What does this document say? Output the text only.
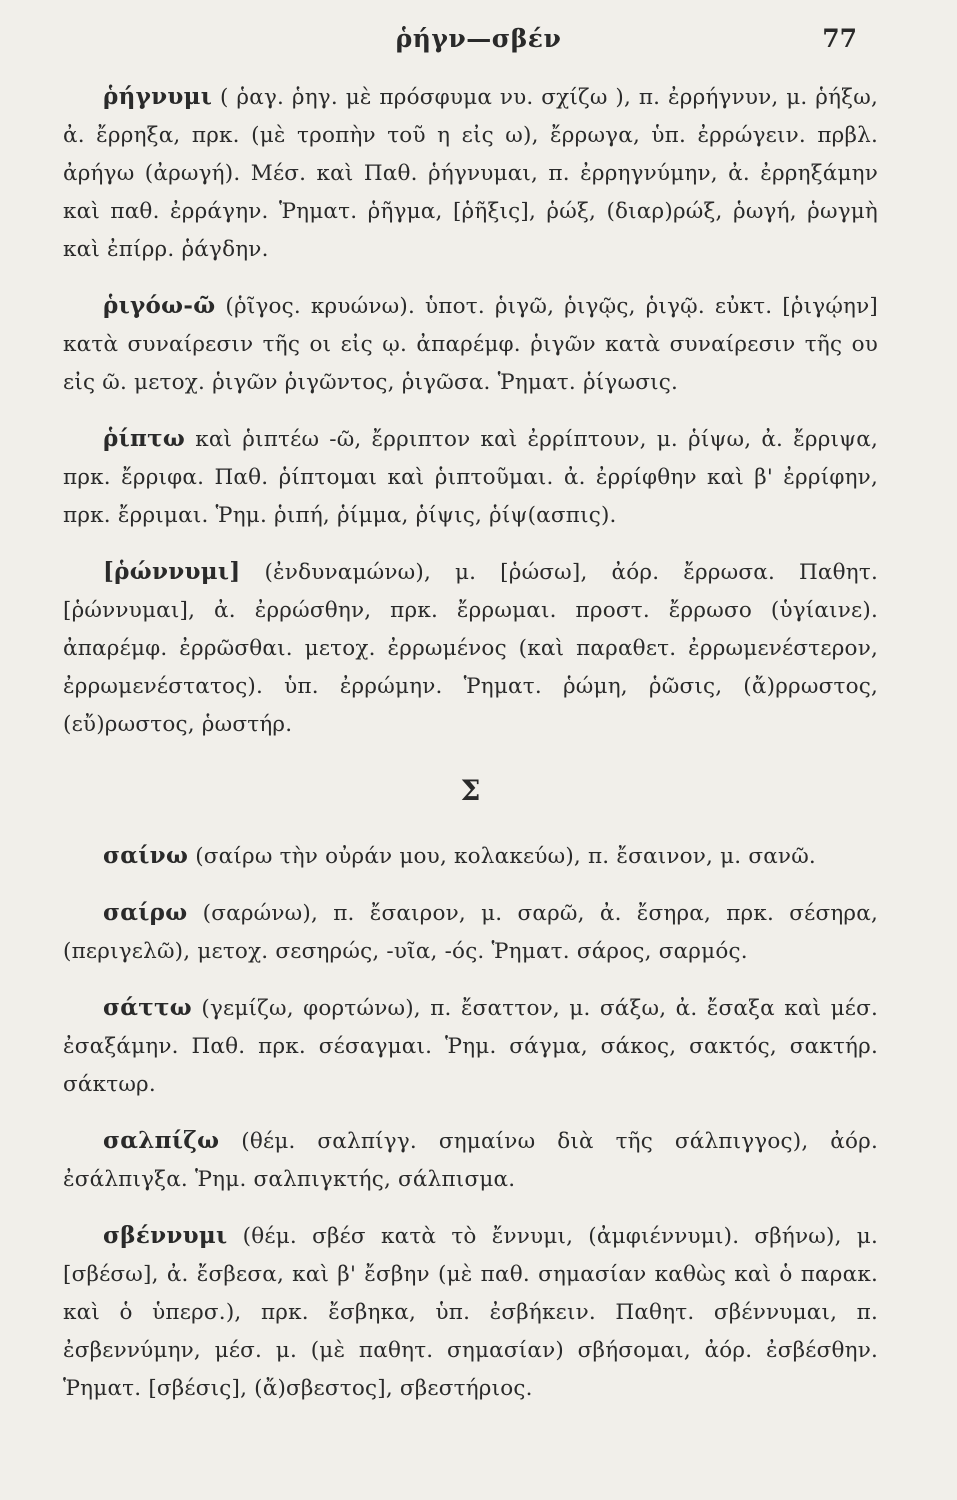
ῥήγν—σβέν	77

ῥήγνυμι ( ῥαγ. ῥηγ. μὲ πρόσφυμα νυ. σχίζω ), π. ἐρρήγνυν, μ. ῥήξω, ἀ. ἔρρηξα, πρκ. (μὲ τροπὴν τοῦ η εἰς ω), ἔρρωγα, ὑπ. ἐρρώγειν. πρβλ. ἀρήγω (ἀρωγή). Μέσ. καὶ Παθ. ῥήγνυμαι, π. ἐρρηγνύμην, ἀ. ἐρρηξάμην καὶ παθ. ἐρράγην. Ῥηματ. ῥῆγμα, [ῥῆξις], ῥώξ, (διαρ)ρώξ, ῥωγή, ῥωγμὴ καὶ ἐπίρρ. ῥάγδην.

ῥιγόω-ῶ (ῥῖγος. κρυώνω). ὑποτ. ῥιγῶ, ῥιγῷς, ῥιγῷ. εὐκτ. [ῥιγῴην] κατὰ συναίρεσιν τῆς οι εἰς ῳ. ἀπαρέμφ. ῥιγῶν κατὰ συναίρεσιν τῆς ου εἰς ῶ. μετοχ. ῥιγῶν ῥιγῶντος, ῥιγῶσα. Ῥηματ. ῥίγωσις.

ῥίπτω καὶ ῥιπτέω -ῶ, ἔρριπτον καὶ ἐρρίπτουν, μ. ῥίψω, ἀ. ἔρριψα, πρκ. ἔρριφα. Παθ. ῥίπτομαι καὶ ῥιπτοῦμαι. ἀ. ἐρρίφθην καὶ β' ἐρρίφην, πρκ. ἔρριμαι. Ῥημ. ῥιπή, ῥίμμα, ῥίψις, ῥίψ(ασπις).

[ῥώννυμι] (ἐνδυναμώνω), μ. [ῥώσω], ἀόρ. ἔρρωσα. Παθητ. [ῥώννυμαι], ἀ. ἐρρώσθην, πρκ. ἔρρωμαι. προστ. ἔρρωσο (ὑγίαινε). ἀπαρέμφ. ἐρρῶσθαι. μετοχ. ἐρρωμένος (καὶ παραθετ. ἐρρωμενέστερον, ἐρρωμενέστατος). ὑπ. ἐρρώμην. Ῥηματ. ῥώμη, ῥῶσις, (ἄ)ρρωστος, (εὔ)ρωστος, ῥωστήρ.

Σ

σαίνω (σαίρω τὴν οὐράν μου, κολακεύω), π. ἔσαινον, μ. σανῶ.

σαίρω (σαρώνω), π. ἔσαιρον, μ. σαρῶ, ἀ. ἔσηρα, πρκ. σέσηρα, (περιγελῶ), μετοχ. σεσηρώς, -υῖα, -ός. Ῥηματ. σάρος, σαρμός.

σάττω (γεμίζω, φορτώνω), π. ἔσαττον, μ. σάξω, ἀ. ἔσαξα καὶ μέσ. ἐσαξάμην. Παθ. πρκ. σέσαγμαι. Ῥημ. σάγμα, σάκος, σακτός, σακτήρ. σάκτωρ.

σαλπίζω (θέμ. σαλπίγγ. σημαίνω διὰ τῆς σάλπιγγος), ἀόρ. ἐσάλπιγξα. Ῥημ. σαλπιγκτής, σάλπισμα.

σβέννυμι (θέμ. σβέσ κατὰ τὸ ἔννυμι, (ἀμφιέννυμι). σβήνω), μ. [σβέσω], ἀ. ἔσβεσα, καὶ β' ἔσβην (μὲ παθ. σημασίαν καθὼς καὶ ὁ παρακ. καὶ ὁ ὑπερσ.), πρκ. ἔσβηκα, ὑπ. ἐσβήκειν. Παθητ. σβέννυμαι, π. ἐσβεννύμην, μέσ. μ. (μὲ παθητ. σημασίαν) σβήσομαι, ἀόρ. ἐσβέσθην. Ῥηματ. [σβέσις], (ἄ)σβεστος], σβεστήριος.
